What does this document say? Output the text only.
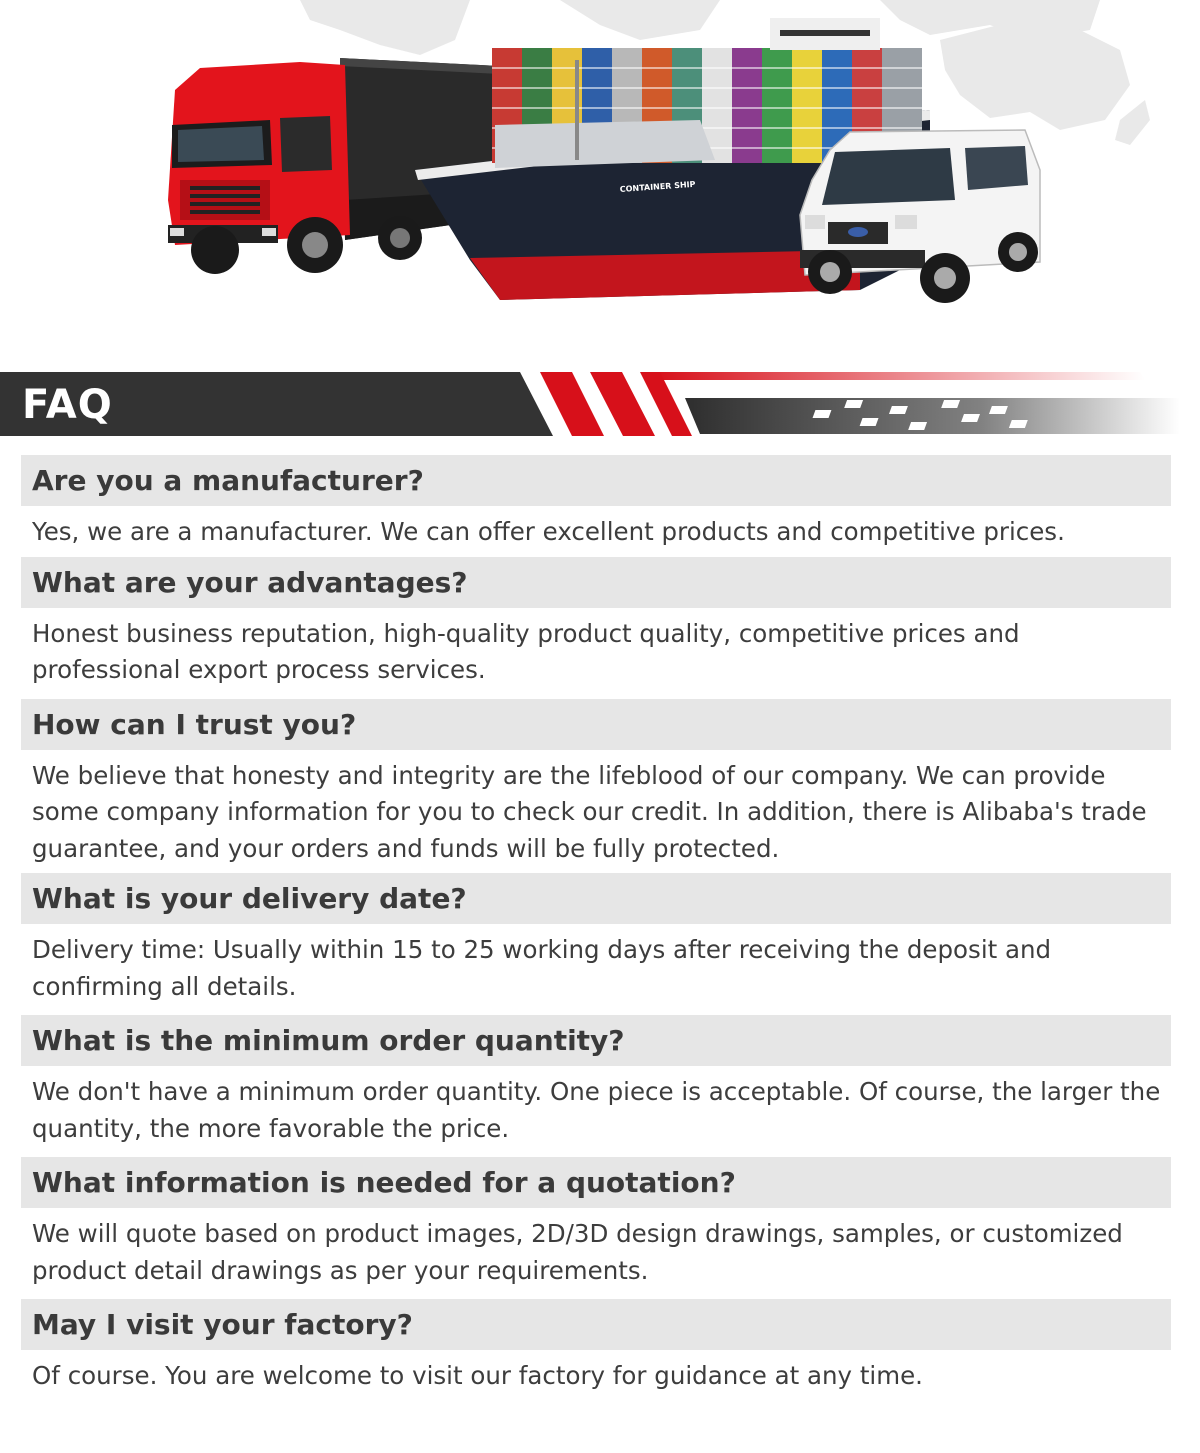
CONTAINER SHIP
FAQ
Are you a manufacturer?
Yes, we are a manufacturer. We can offer excellent products and competitive prices.
What are your advantages?
Honest business reputation, high-quality product quality, competitive prices and professional export process services.
How can I trust you?
We believe that honesty and integrity are the lifeblood of our company. We can provide some company information for you to check our credit. In addition, there is Alibaba's trade guarantee, and your orders and funds will be fully protected.
What is your delivery date?
Delivery time: Usually within 15 to 25 working days after receiving the deposit and confirming all details.
What is the minimum order quantity?
We don't have a minimum order quantity. One piece is acceptable. Of course, the larger the quantity, the more favorable the price.
What information is needed for a quotation?
We will quote based on product images, 2D/3D design drawings, samples, or customized product detail drawings as per your requirements.
May I visit your factory?
Of course. You are welcome to visit our factory for guidance at any time.
